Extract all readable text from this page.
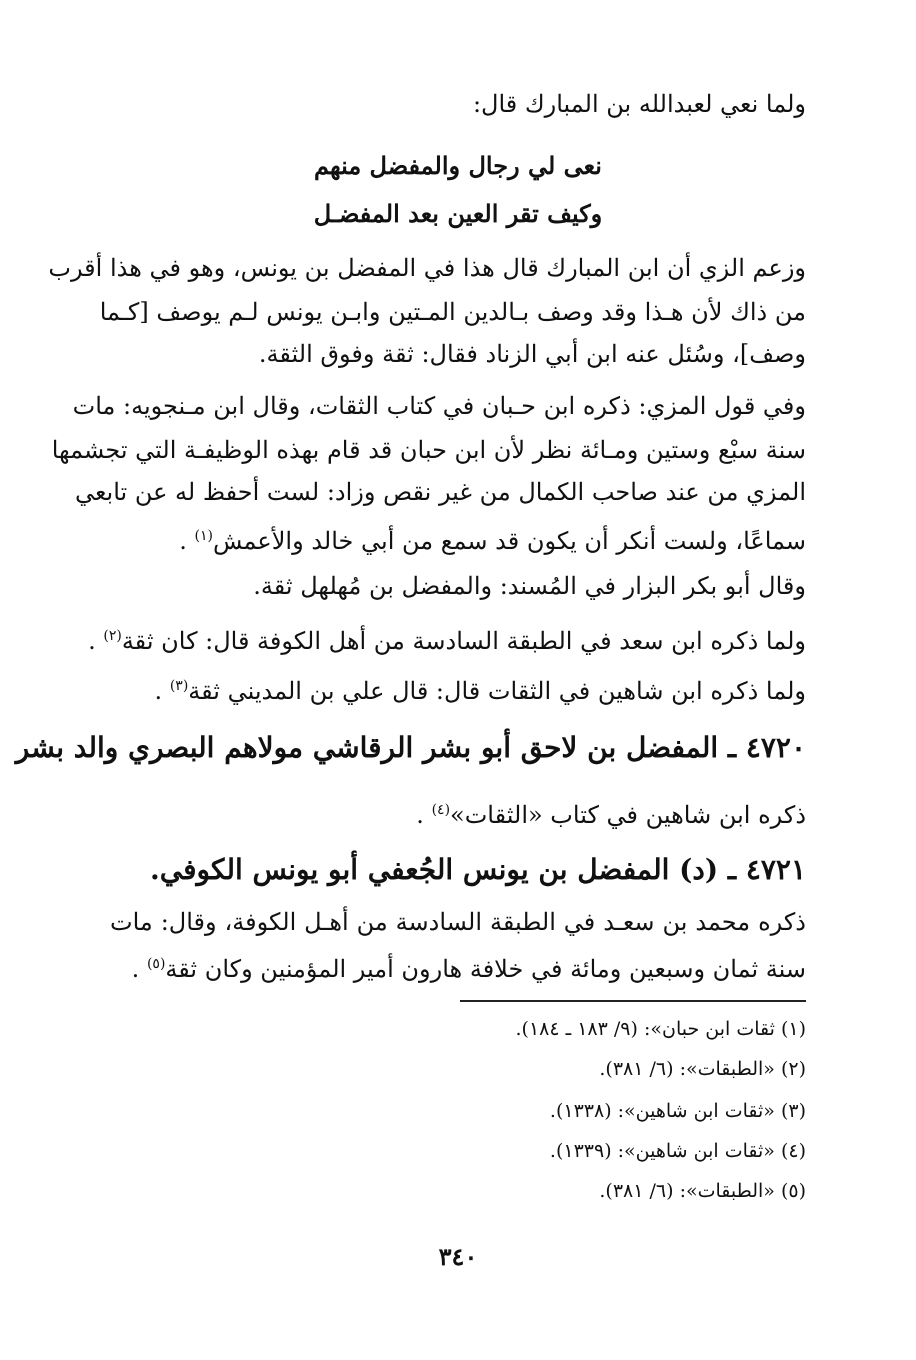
ولما نعي لعبدالله بن المبارك قال:
نعى لي رجال والمفضل منهم
وكيف تقر العين بعد المفضـل
وزعم الزي أن ابن المبارك قال هذا في المفضل بن يونس، وهو في هذا أقرب
من ذاك لأن هـذا وقد وصف بـالدين المـتين وابـن يونس لـم يوصف [كـما
وصف]، وسُئل عنه ابن أبي الزناد فقال: ثقة وفوق الثقة.
وفي قول المزي: ذكره ابن حـبان في كتاب الثقات، وقال ابن مـنجويه: مات
سنة سبْع وستين ومـائة نظر لأن ابن حبان قد قام بهذه الوظيفـة التي تجشمها
المزي من عند صاحب الكمال من غير نقص وزاد: لست أحفظ له عن تابعي
سماعًا، ولست أنكر أن يكون قد سمع من أبي خالد والأعمش$^{(١)}$ .
وقال أبو بكر البزار في المُسند: والمفضل بن مُهلهل ثقة.
ولما ذكره ابن سعد في الطبقة السادسة من أهل الكوفة قال: كان ثقة$^{(٢)}$ .
ولما ذكره ابن شاهين في الثقات قال: قال علي بن المديني ثقة$^{(٣)}$ .
٤٧٢٠ ـ المفضل بن لاحق أبو بشر الرقاشي مولاهم البصري والد بشر
ذكره ابن شاهين في كتاب «الثقات»$^{(٤)}$ .
٤٧٢١ ـ (د) المفضل بن يونس الجُعفي أبو يونس الكوفي.
ذكره محمد بن سعـد في الطبقة السادسة من أهـل الكوفة، وقال: مات
سنة ثمان وسبعين ومائة في خلافة هارون أمير المؤمنين وكان ثقة$^{(٥)}$ .
(١) ثقات ابن حبان»: (٩/ ١٨٣ ـ ١٨٤).
(٢) «الطبقات»: (٦/ ٣٨١).
(٣) «ثقات ابن شاهين»: (١٣٣٨).
(٤) «ثقات ابن شاهين»: (١٣٣٩).
(٥) «الطبقات»: (٦/ ٣٨١).
٣٤٠
